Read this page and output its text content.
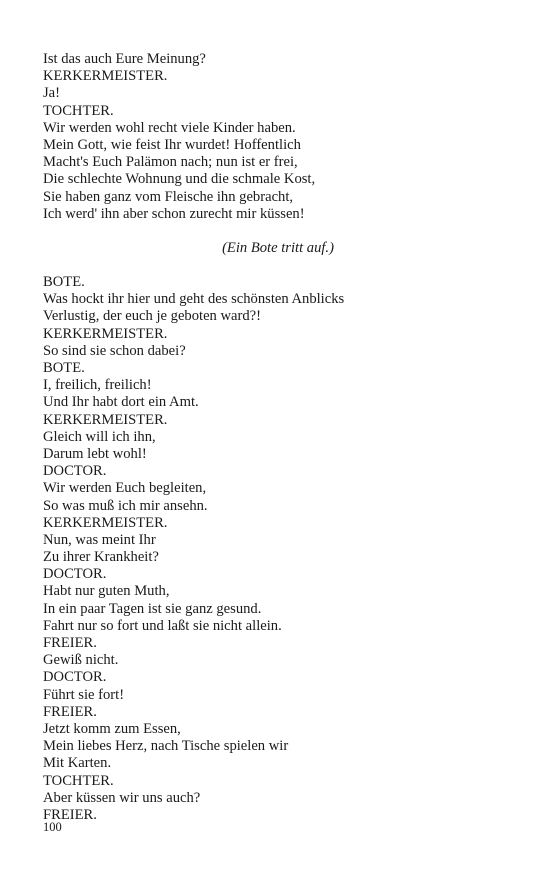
Ist das auch Eure Meinung?
KERKERMEISTER.
Ja!
TOCHTER.
Wir werden wohl recht viele Kinder haben.
Mein Gott, wie feist Ihr wurdet! Hoffentlich
Macht's Euch Palämon nach; nun ist er frei,
Die schlechte Wohnung und die schmale Kost,
Sie haben ganz vom Fleische ihn gebracht,
Ich werd' ihn aber schon zurecht mir küssen!
(Ein Bote tritt auf.)
BOTE.
Was hockt ihr hier und geht des schönsten Anblicks
Verlustig, der euch je geboten ward?!
KERKERMEISTER.
So sind sie schon dabei?
BOTE.
I, freilich, freilich!
Und Ihr habt dort ein Amt.
KERKERMEISTER.
Gleich will ich ihn,
Darum lebt wohl!
DOCTOR.
Wir werden Euch begleiten,
So was muß ich mir ansehn.
KERKERMEISTER.
Nun, was meint Ihr
Zu ihrer Krankheit?
DOCTOR.
Habt nur guten Muth,
In ein paar Tagen ist sie ganz gesund.
Fahrt nur so fort und laßt sie nicht allein.
FREIER.
Gewiß nicht.
DOCTOR.
Führt sie fort!
FREIER.
Jetzt komm zum Essen,
Mein liebes Herz, nach Tische spielen wir
Mit Karten.
TOCHTER.
Aber küssen wir uns auch?
FREIER.
100
